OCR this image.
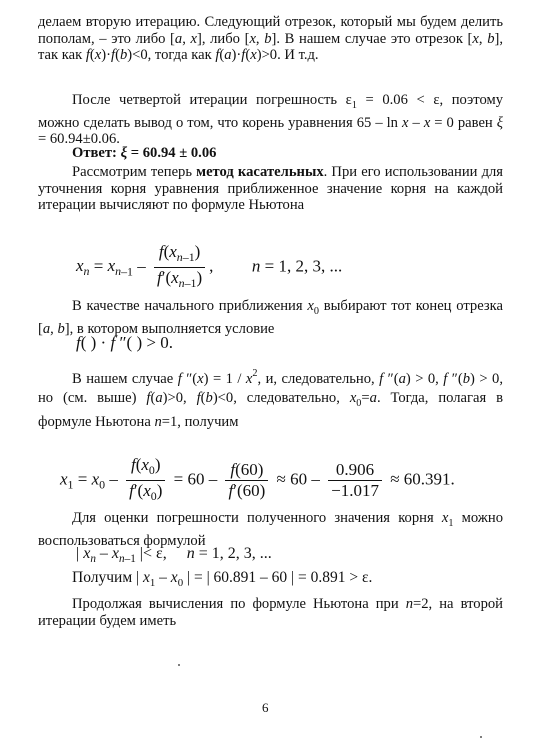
делаем вторую итерацию. Следующий отрезок, который мы будем делить пополам, – это либо [a, x], либо [x, b]. В нашем случае это отрезок [x, b], так как f(x)·f(b)<0, тогда как f(a)·f(x)>0. И т.д.
После четвертой итерации погрешность $\varepsilon_1 = 0.06 < \varepsilon$, поэтому можно сделать вывод о том, что корень уравнения 65 – ln x – x = 0 равен ξ = 60.94±0.06.
Ответ: ξ = 60.94 ± 0.06
Рассмотрим теперь метод касательных. При его использовании для уточнения корня уравнения приближенное значение корня на каждой итерации вычисляют по формуле Ньютона
$x_n = x_{n-1} - \frac{f(x_{n-1})}{f'(x_{n-1})}$ ,  n = 1, 2, 3, ...
В качестве начального приближения $x_0$ выбирают тот конец отрезка [a, b], в котором выполняется условие
f( ) · f ″( ) > 0.
В нашем случае f $''(x) = 1 / x^2$, и, следовательно, f ″(a) > 0, f ″(b) > 0, но (см. выше) f(a)>0, f(b)<0, следовательно, $x_0=a$. Тогда, полагая в формуле Ньютона n=1, получим
$x_1 = x_0 - \frac{f(x_0)}{f'(x_0)} = 60 - \frac{f(60)}{f'(60)} \approx 60 - \frac{0.906}{-1.017} \approx 60.391$.
Для оценки погрешности полученного значения корня $x_1$ можно воспользоваться формулой
| $x_n - x_{n-1}$ |< ε,     n = 1, 2, 3, ...
Получим | $x_1 - x_0$ | = | 60.891 – 60 | = 0.891 > ε.
Продолжая вычисления по формуле Ньютона при n=2, на второй итерации будем иметь
6
